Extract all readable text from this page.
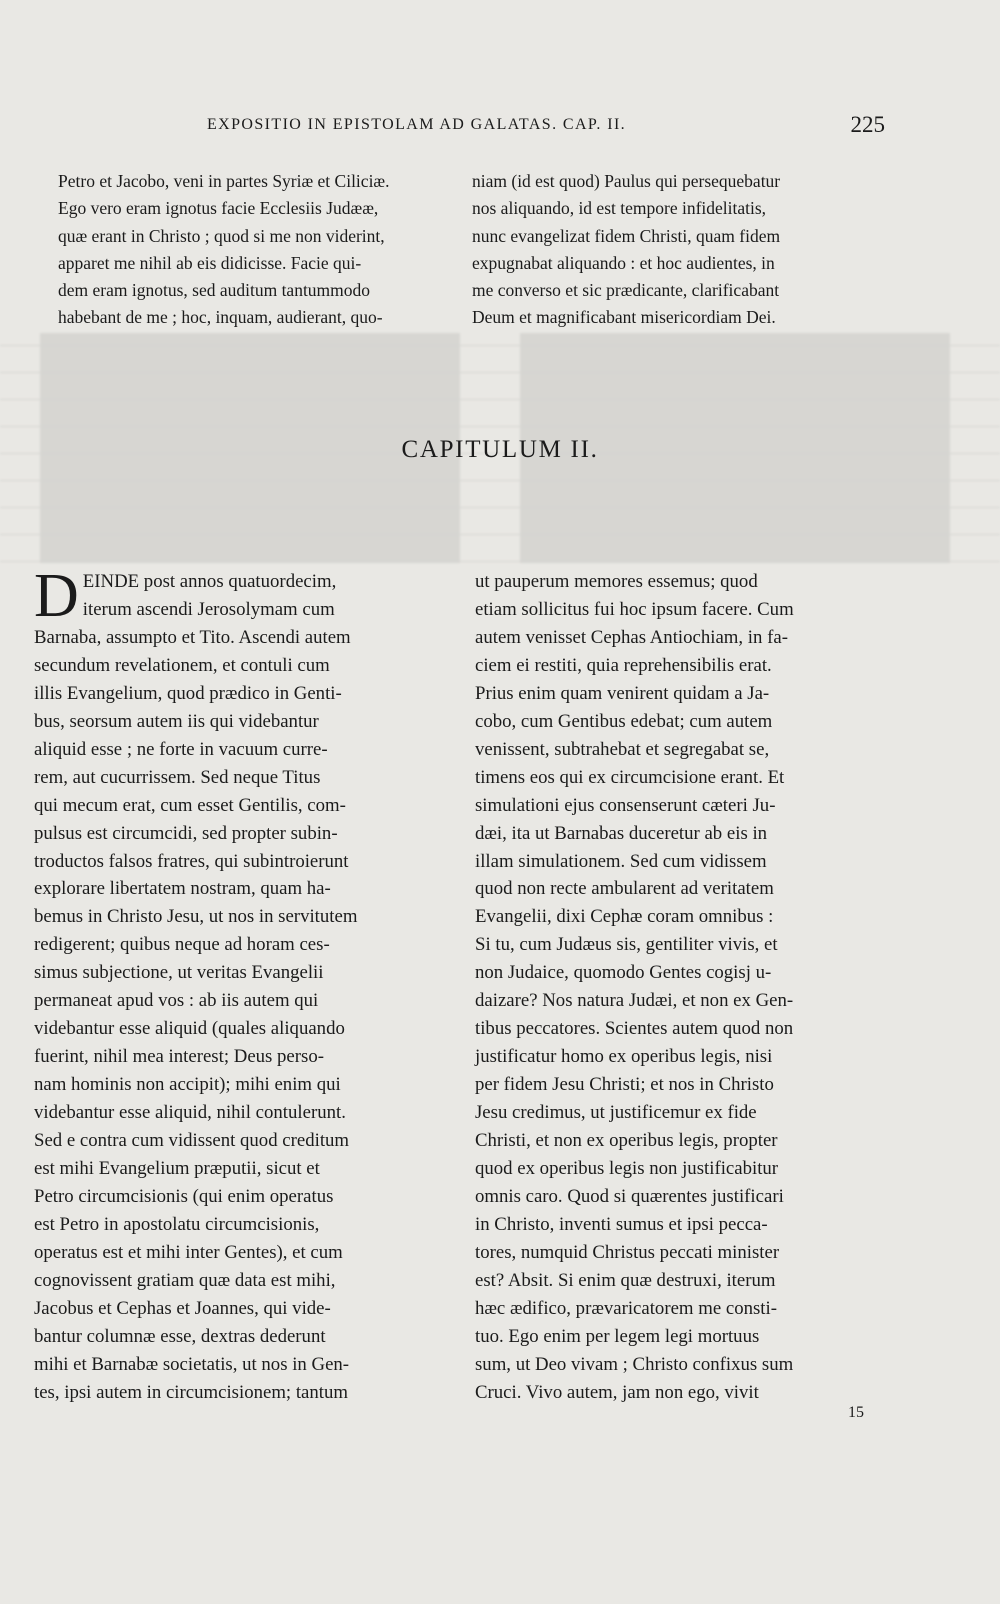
EXPOSITIO IN EPISTOLAM AD GALATAS. CAP. II.	225

Petro et Jacobo, veni in partes Syriæ et Ciliciæ.
Ego vero eram ignotus facie Ecclesiis Judææ,
quæ erant in Christo ; quod si me non viderint,
apparet me nihil ab eis didicisse. Facie qui-
dem eram ignotus, sed auditum tantummodo
habebant de me ; hoc, inquam, audierant, quo-

niam (id est quod) Paulus qui persequebatur
nos aliquando, id est tempore infidelitatis,
nunc evangelizat fidem Christi, quam fidem
expugnabat aliquando : et hoc audientes, in
me converso et sic prædicante, clarificabant
Deum et magnificabant misericordiam Dei.

CAPITULUM II.

D EINDE post annos quatuordecim,
iterum ascendi Jerosolymam cum
Barnaba, assumpto et Tito. Ascendi autem
secundum revelationem, et contuli cum
illis Evangelium, quod prædico in Genti-
bus, seorsum autem iis qui videbantur
aliquid esse ; ne forte in vacuum curre-
rem, aut cucurrissem. Sed neque Titus
qui mecum erat, cum esset Gentilis, com-
pulsus est circumcidi, sed propter subin-
troductos falsos fratres, qui subintroierunt
explorare libertatem nostram, quam ha-
bemus in Christo Jesu, ut nos in servitutem
redigerent; quibus neque ad horam ces-
simus subjectione, ut veritas Evangelii
permaneat apud vos : ab iis autem qui
videbantur esse aliquid (quales aliquando
fuerint, nihil mea interest; Deus perso-
nam hominis non accipit); mihi enim qui
videbantur esse aliquid, nihil contulerunt.
Sed e contra cum vidissent quod creditum
est mihi Evangelium præputii, sicut et
Petro circumcisionis (qui enim operatus
est Petro in apostolatu circumcisionis,
operatus est et mihi inter Gentes), et cum
cognovissent gratiam quæ data est mihi,
Jacobus et Cephas et Joannes, qui vide-
bantur columnæ esse, dextras dederunt
mihi et Barnabæ societatis, ut nos in Gen-
tes, ipsi autem in circumcisionem; tantum

ut pauperum memores essemus; quod
etiam sollicitus fui hoc ipsum facere. Cum
autem venisset Cephas Antiochiam, in fa-
ciem ei restiti, quia reprehensibilis erat.
Prius enim quam venirent quidam a Ja-
cobo, cum Gentibus edebat; cum autem
venissent, subtrahebat et segregabat se,
timens eos qui ex circumcisione erant. Et
simulationi ejus consenserunt cæteri Ju-
dæi, ita ut Barnabas duceretur ab eis in
illam simulationem. Sed cum vidissem
quod non recte ambularent ad veritatem
Evangelii, dixi Cephæ coram omnibus :
Si tu, cum Judæus sis, gentiliter vivis, et
non Judaice, quomodo Gentes cogisj u-
daizare? Nos natura Judæi, et non ex Gen-
tibus peccatores. Scientes autem quod non
justificatur homo ex operibus legis, nisi
per fidem Jesu Christi; et nos in Christo
Jesu credimus, ut justificemur ex fide
Christi, et non ex operibus legis, propter
quod ex operibus legis non justificabitur
omnis caro. Quod si quærentes justificari
in Christo, inventi sumus et ipsi pecca-
tores, numquid Christus peccati minister
est? Absit. Si enim quæ destruxi, iterum
hæc ædifico, prævaricatorem me consti-
tuo. Ego enim per legem legi mortuus
sum, ut Deo vivam ; Christo confixus sum
Cruci. Vivo autem, jam non ego, vivit

15
